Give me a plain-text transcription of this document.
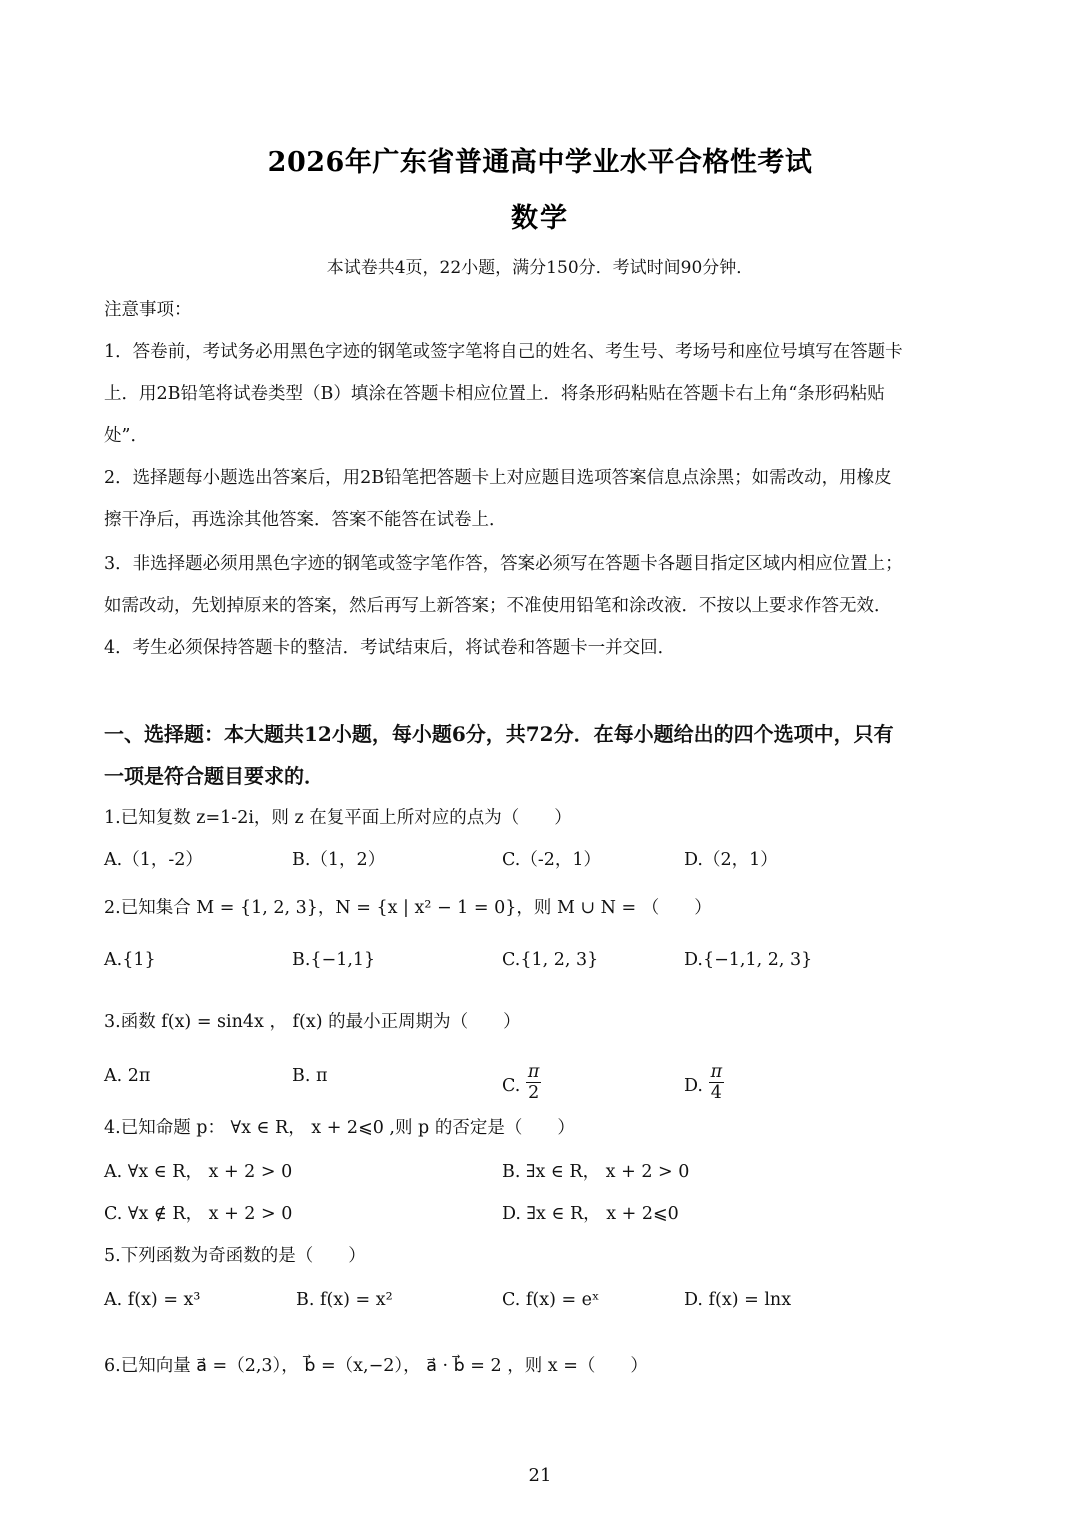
2026年广东省普通高中学业水平合格性考试
数学
本试卷共4页，22小题，满分150分．考试时间90分钟．
注意事项：
1．答卷前，考试务必用黑色字迹的钢笔或签字笔将自己的姓名、考生号、考场号和座位号填写在答题卡
上．用2B铅笔将试卷类型（B）填涂在答题卡相应位置上．将条形码粘贴在答题卡右上角“条形码粘贴
处”．
2．选择题每小题选出答案后，用2B铅笔把答题卡上对应题目选项答案信息点涂黑；如需改动，用橡皮
擦干净后，再选涂其他答案．答案不能答在试卷上．
3．非选择题必须用黑色字迹的钢笔或签字笔作答，答案必须写在答题卡各题目指定区域内相应位置上；
如需改动，先划掉原来的答案，然后再写上新答案；不准使用铅笔和涂改液．不按以上要求作答无效．
4．考生必须保持答题卡的整洁．考试结束后，将试卷和答题卡一并交回．
一、选择题：本大题共12小题，每小题6分，共72分．在每小题给出的四个选项中，只有
一项是符合题目要求的．
1.已知复数 z=1-2i，则 z 在复平面上所对应的点为（　　）
A.（1，-2）	B.（1，2）	C.（-2，1）	D.（2，1）
2.已知集合 M = {1, 2, 3}，N = {x | x² − 1 = 0}，则 M ∪ N = （　　）
A.{1}	B.{−1,1}	C.{1, 2, 3}	D.{−1,1, 2, 3}
3.函数 f(x) = sin4x ， f(x) 的最小正周期为（　　）
A. 2π	B. π	C. $\frac{\pi}{2}$	D. $\frac{\pi}{4}$
4.已知命题 p： ∀x ∈ R， x + 2⩽0 ,则 p 的否定是（　　）
A. ∀x ∈ R， x + 2 > 0	B. ∃x ∈ R， x + 2 > 0
C. ∀x ∉ R， x + 2 > 0	D. ∃x ∈ R， x + 2⩽0
5.下列函数为奇函数的是（　　）
A. f(x) = x³	B. f(x) = x²	C. f(x) = eˣ	D. f(x) = lnx
6.已知向量 a⃗ =（2,3）， b⃗ =（x,−2）， a⃗ · b⃗ = 2 ，则 x =（　　）
21
